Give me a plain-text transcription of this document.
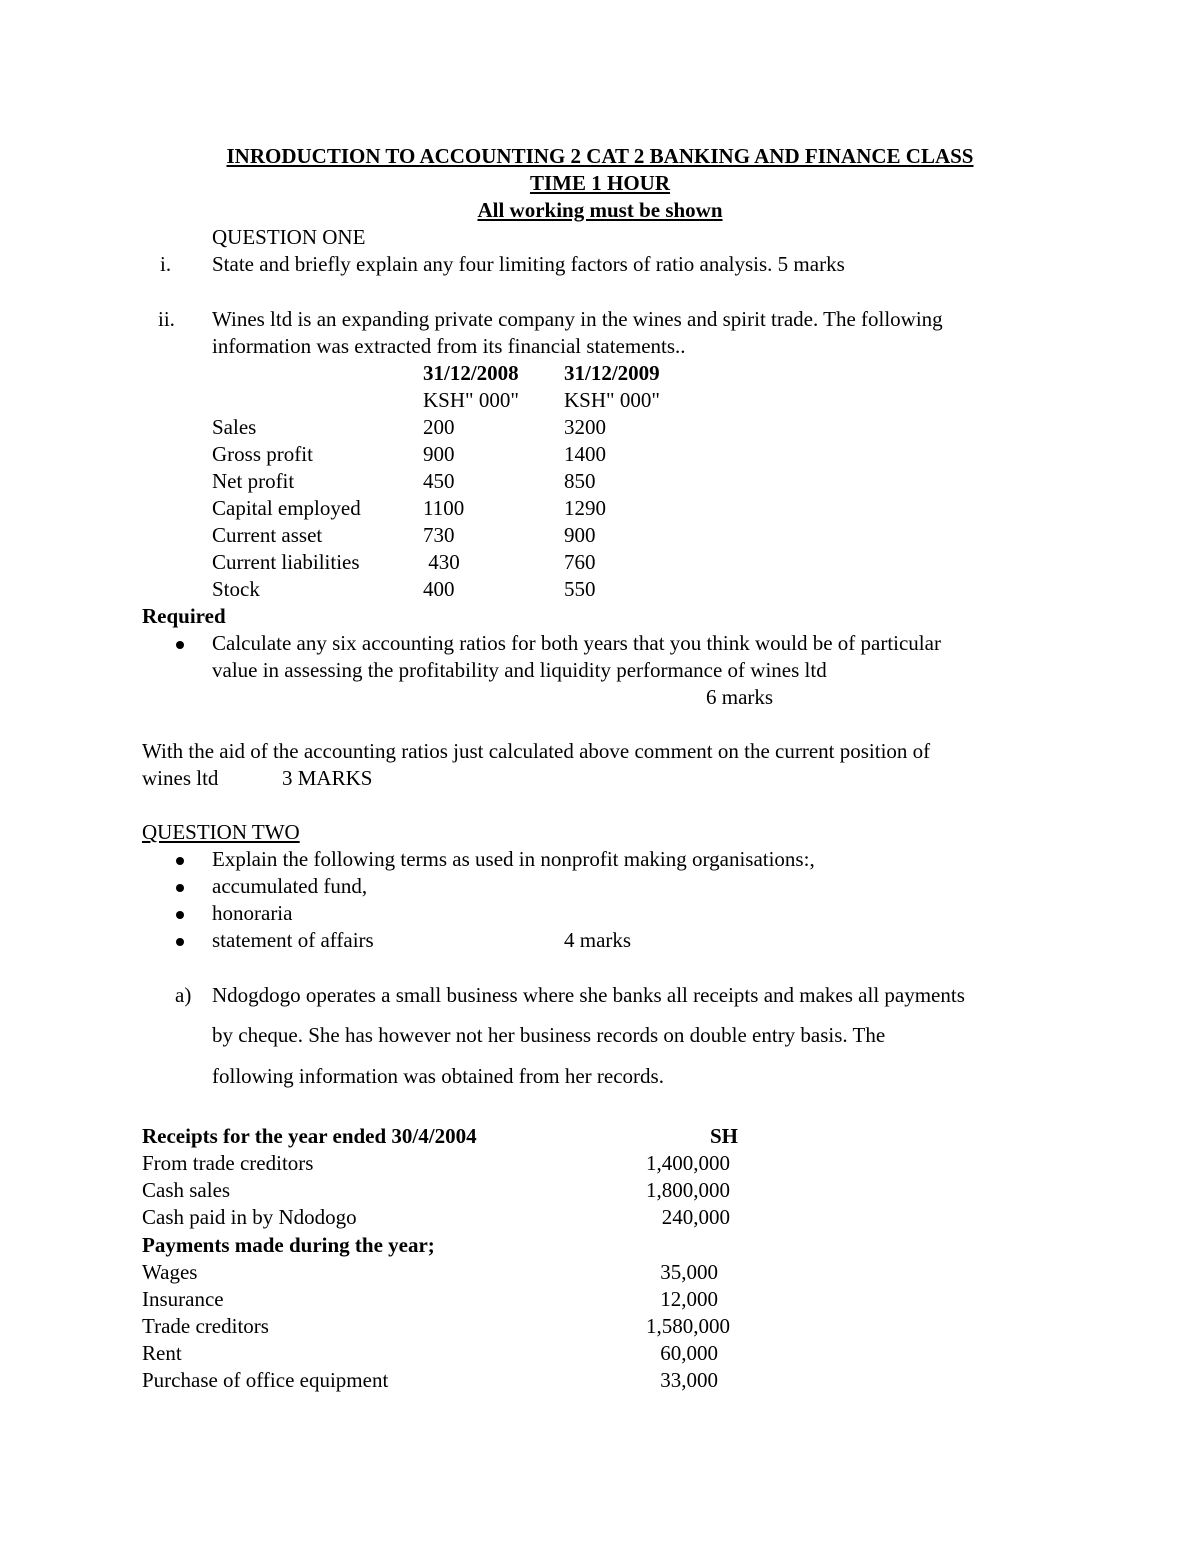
INRODUCTION TO ACCOUNTING 2 CAT 2 BANKING AND FINANCE CLASS
TIME 1 HOUR
All working must be shown
QUESTION ONE
i. State and briefly explain any four limiting factors of ratio analysis. 5 marks
ii. Wines ltd is an expanding private company in the wines and spirit trade. The following
information was extracted from its financial statements..
31/12/2008 31/12/2009
KSH" 000" KSH" 000"
Sales	200	3200
Gross profit	900	1400
Net profit	450	850
Capital employed	1100	1290
Current asset	730	900
Current liabilities	430	760
Stock	400	550
Required
Calculate any six accounting ratios for both years that you think would be of particular
value in assessing the profitability and liquidity performance of wines ltd
6 marks
With the aid of the accounting ratios just calculated above comment on the current position of
wines ltd	3 MARKS
QUESTION TWO
Explain the following terms as used in nonprofit making organisations:,
accumulated fund,
honoraria
statement of affairs	4 marks
a) Ndogdogo operates a small business where she banks all receipts and makes all payments
by cheque. She has however not her business records on double entry basis. The
following information was obtained from her records.
Receipts for the year ended 30/4/2004	SH
From trade creditors	1,400,000
Cash sales	1,800,000
Cash paid in by Ndodogo	240,000
Payments made during the year;
Wages	35,000
Insurance	12,000
Trade creditors	1,580,000
Rent	60,000
Purchase of office equipment	33,000
